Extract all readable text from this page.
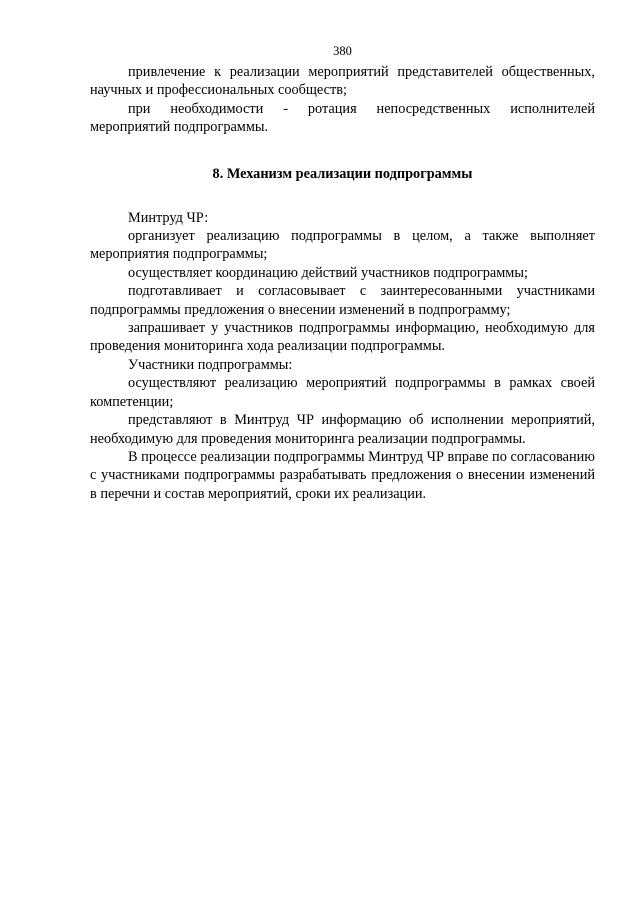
380

привлечение к реализации мероприятий представителей общественных, научных и профессиональных сообществ;

при необходимости - ротация непосредственных исполнителей мероприятий подпрограммы.

8. Механизм реализации подпрограммы

Минтруд ЧР:

организует реализацию подпрограммы в целом, а также выполняет мероприятия подпрограммы;

осуществляет координацию действий участников подпрограммы;

подготавливает и согласовывает с заинтересованными участниками подпрограммы предложения о внесении изменений в подпрограмму;

запрашивает у участников подпрограммы информацию, необходимую для проведения мониторинга хода реализации подпрограммы.

Участники подпрограммы:

осуществляют реализацию мероприятий подпрограммы в рамках своей компетенции;

представляют в Минтруд ЧР информацию об исполнении мероприятий, необходимую для проведения мониторинга реализации подпрограммы.

В процессе реализации подпрограммы Минтруд ЧР вправе по согласованию с участниками подпрограммы разрабатывать предложения о внесении изменений в перечни и состав мероприятий, сроки их реализации.
